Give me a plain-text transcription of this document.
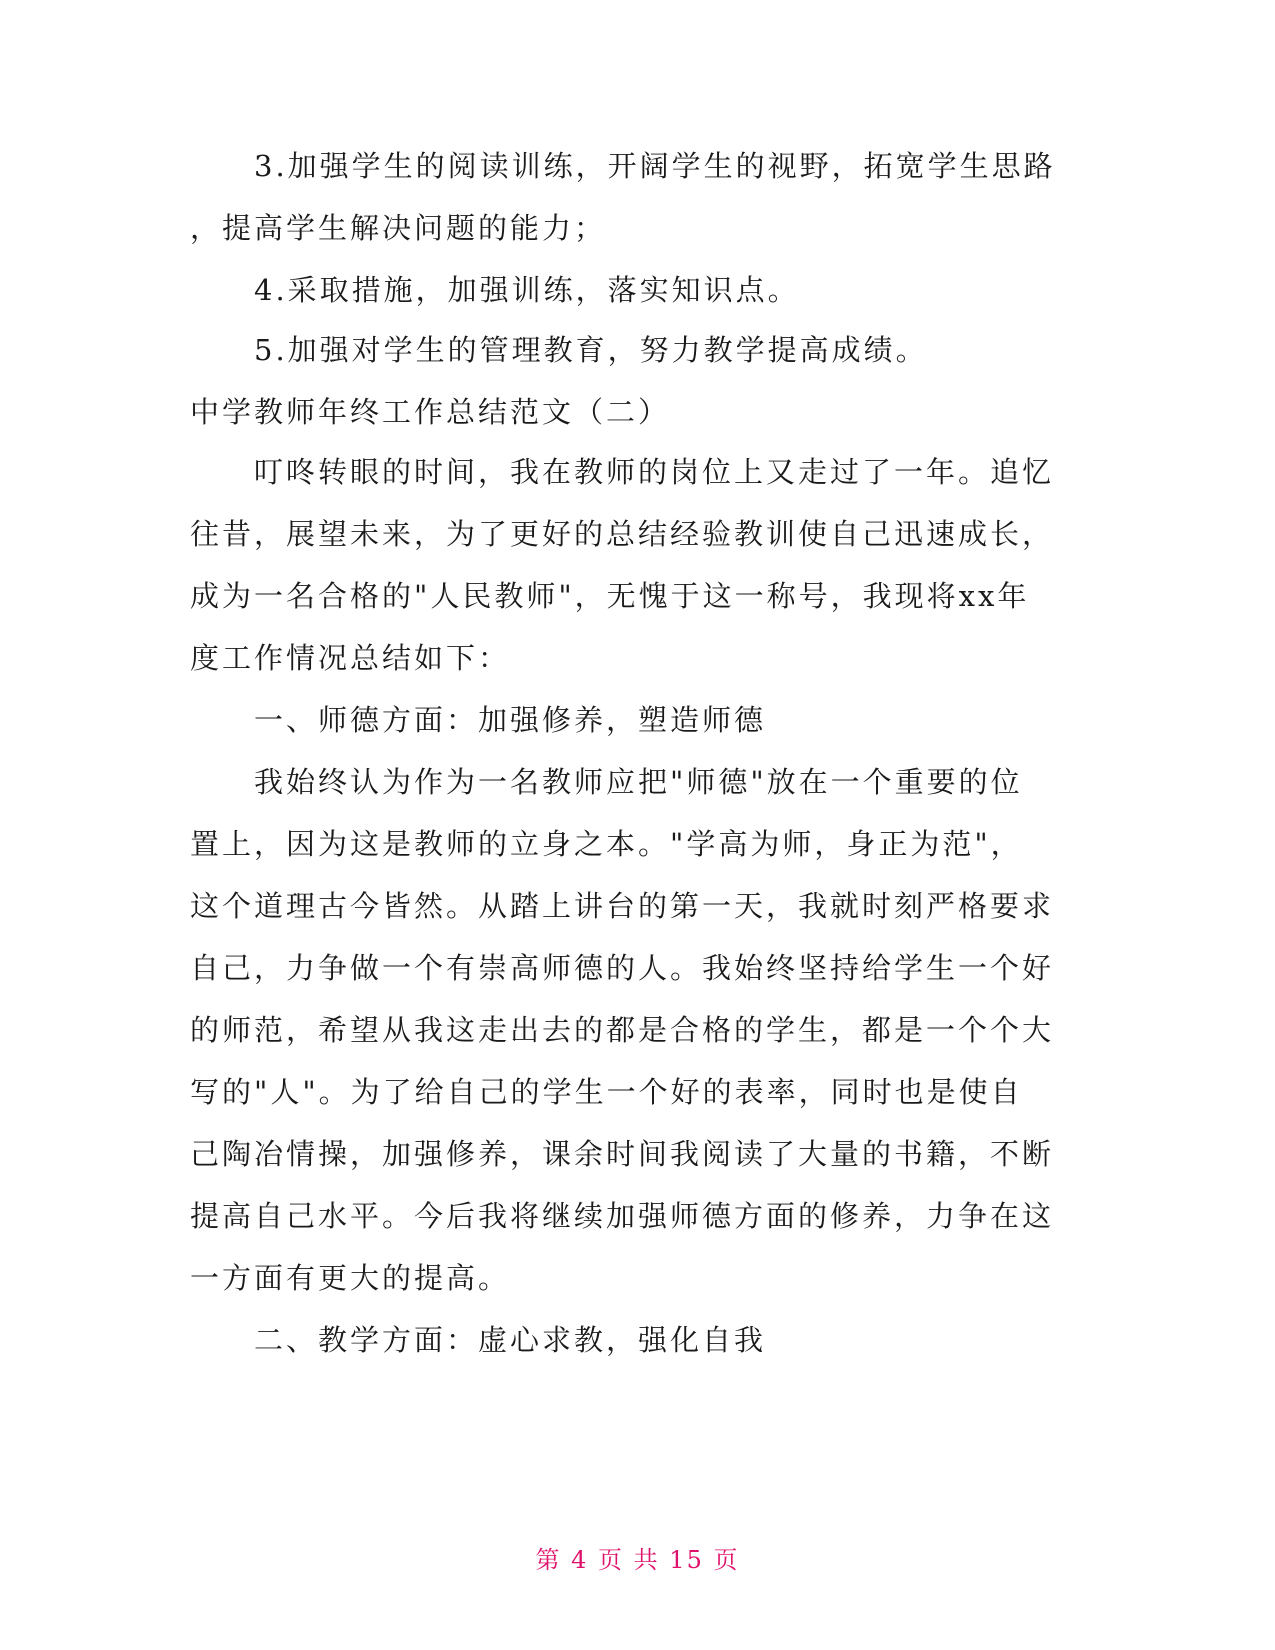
　　3.加强学生的阅读训练，开阔学生的视野，拓宽学生思路
，提高学生解决问题的能力；
　　4.采取措施，加强训练，落实知识点。
　　5.加强对学生的管理教育，努力教学提高成绩。
中学教师年终工作总结范文（二）
　　叮咚转眼的时间，我在教师的岗位上又走过了一年。追忆
往昔，展望未来，为了更好的总结经验教训使自己迅速成长，
成为一名合格的"人民教师"，无愧于这一称号，我现将xx年
度工作情况总结如下：
　　一、师德方面：加强修养，塑造师德
　　我始终认为作为一名教师应把"师德"放在一个重要的位
置上，因为这是教师的立身之本。"学高为师，身正为范"，
这个道理古今皆然。从踏上讲台的第一天，我就时刻严格要求
自己，力争做一个有崇高师德的人。我始终坚持给学生一个好
的师范，希望从我这走出去的都是合格的学生，都是一个个大
写的"人"。为了给自己的学生一个好的表率，同时也是使自
己陶冶情操，加强修养，课余时间我阅读了大量的书籍，不断
提高自己水平。今后我将继续加强师德方面的修养，力争在这
一方面有更大的提高。
　　二、教学方面：虚心求教，强化自我
第 4 页 共 15 页
